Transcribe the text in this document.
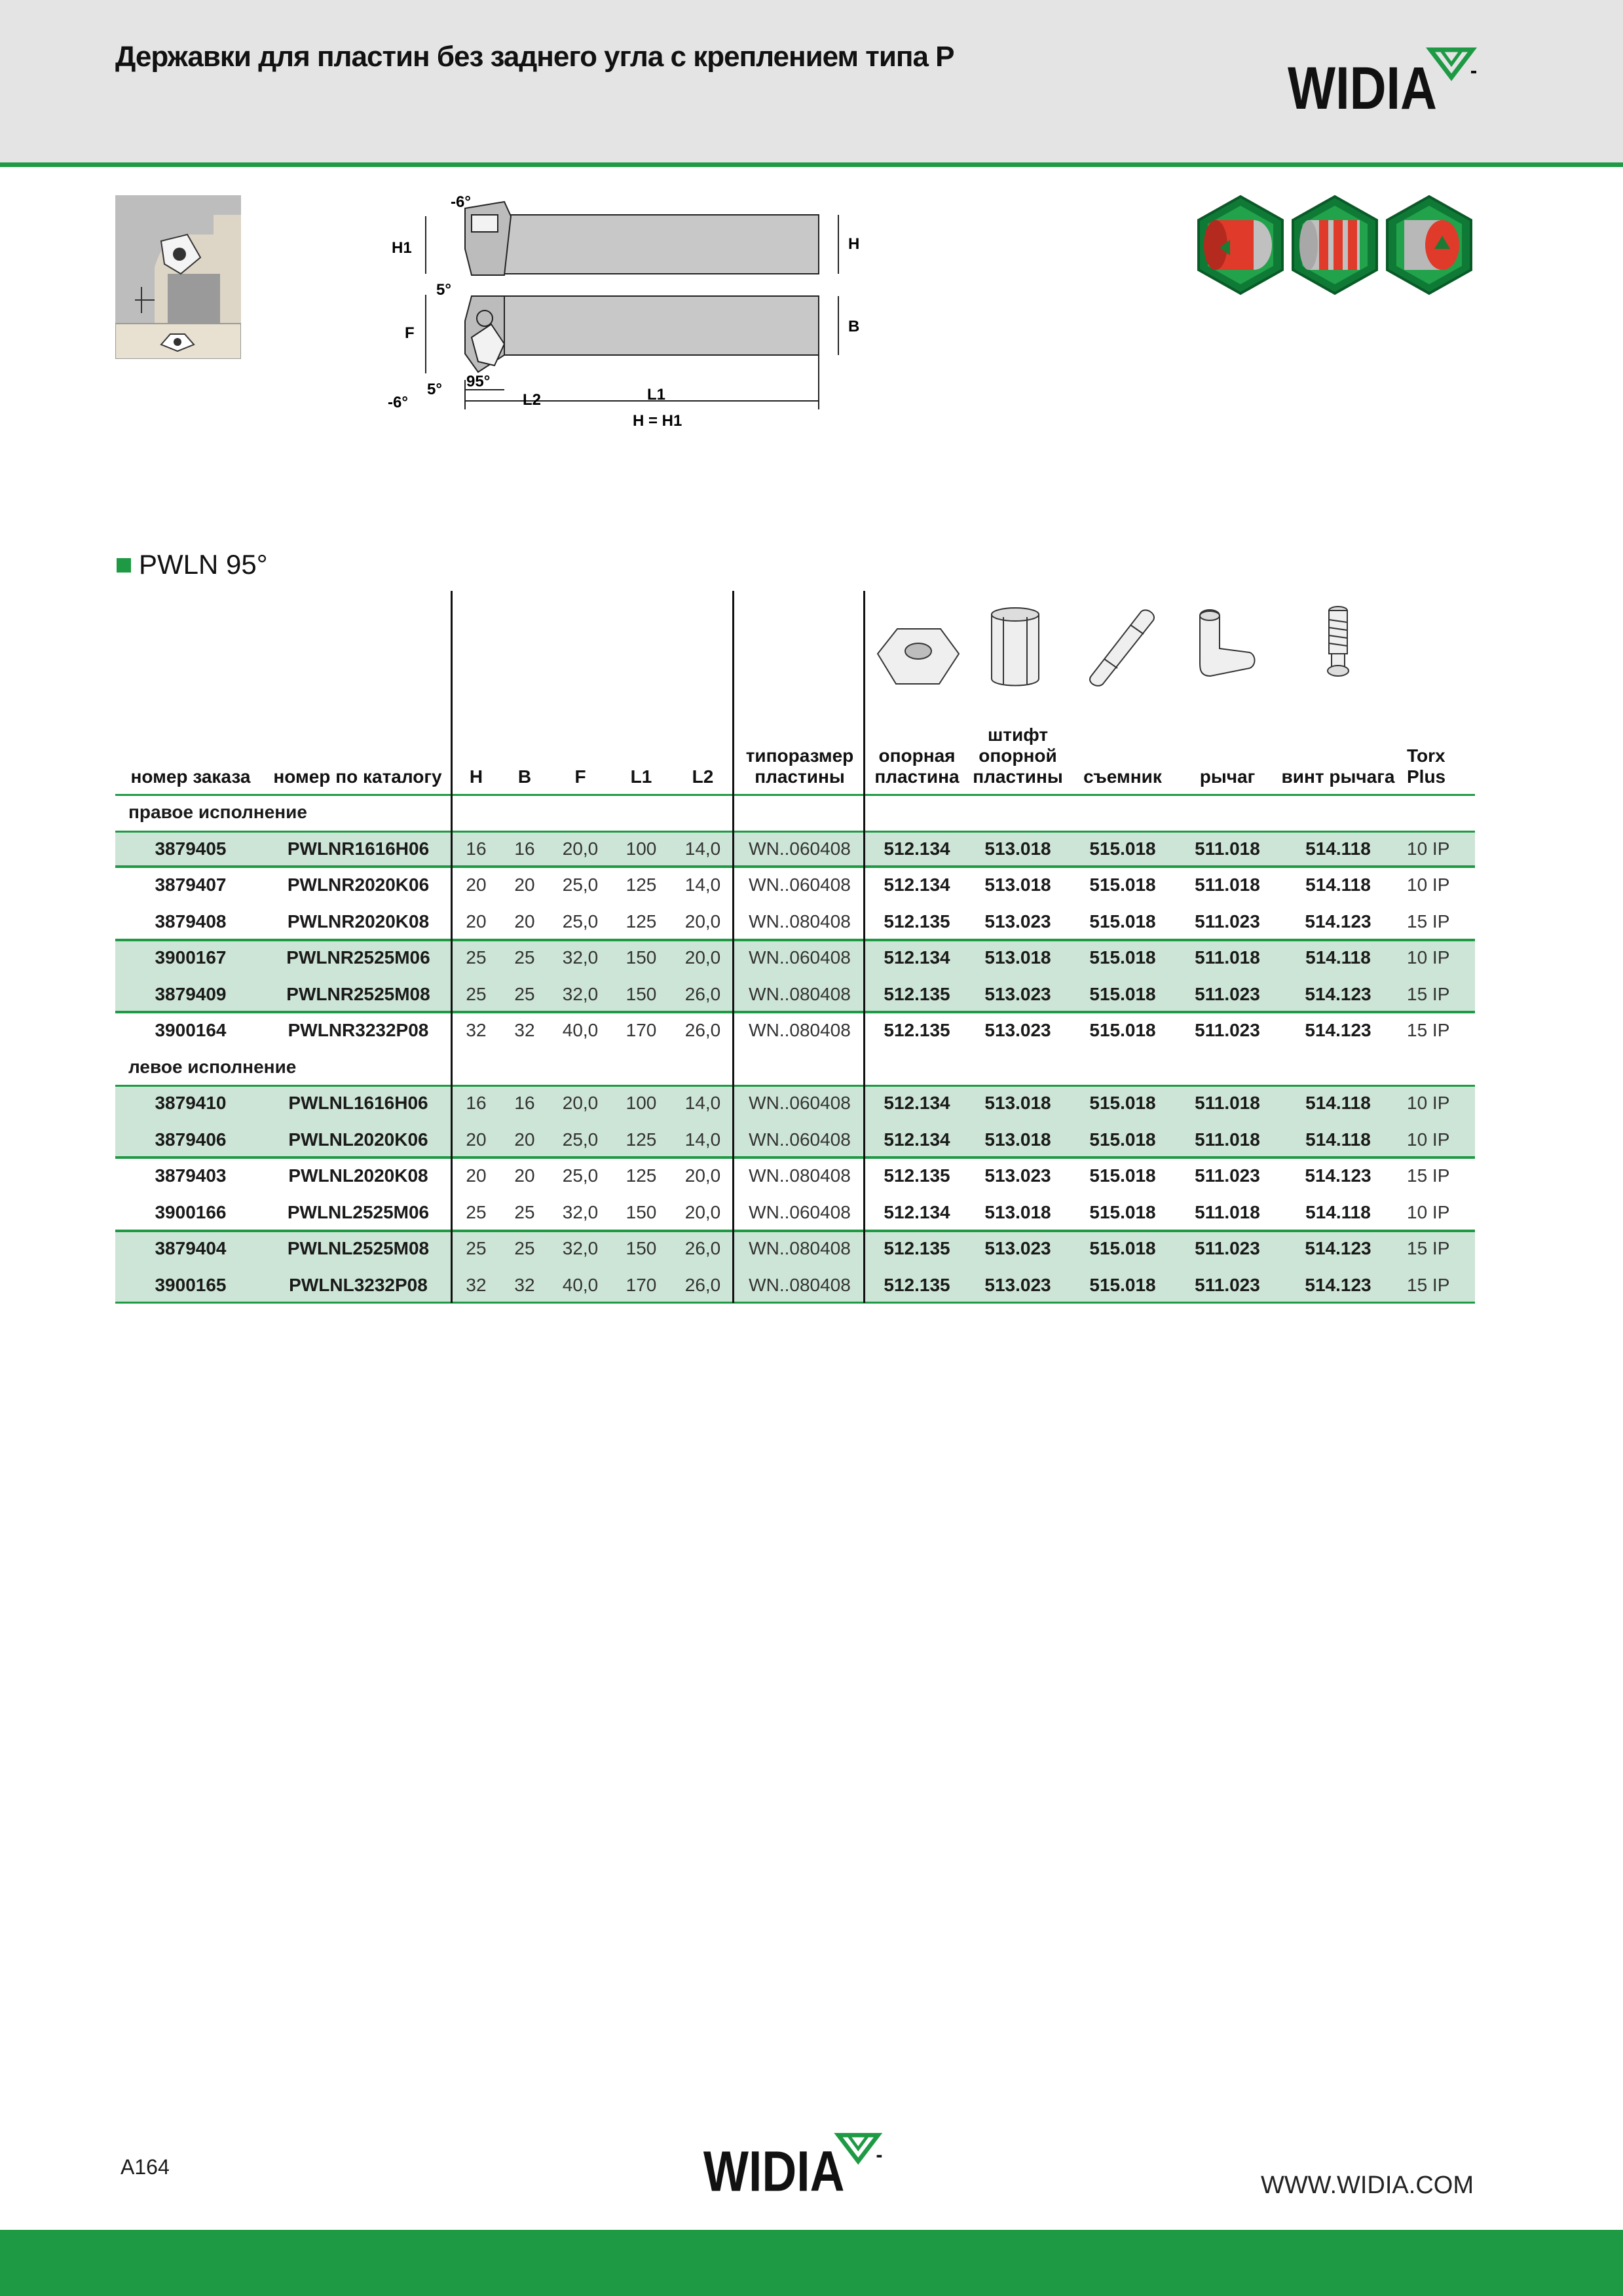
Державки для пластин без заднего угла с креплением типа P	WIDIA
H1	H
-6°
F	B
5°
-6°
5° 95°
L2	L1
H = H1
PWLN 95°
номер заказа	номер по каталогу	H	B	F	L1	L2
типоразмер
пластины
опорная
пластина
штифт
опорной
пластины	съемник	рычаг	винт рычага
Torx
Plus
правое исполнение
3879405	PWLNR1616H06	16	16	20,0	100	14,0	WN..060408	512.134	513.018	515.018	511.018	514.118	10 IP
3879407	PWLNR2020K06	20	20	25,0	125	14,0	WN..060408	512.134	513.018	515.018	511.018	514.118	10 IP
3879408	PWLNR2020K08	20	20	25,0	125	20,0	WN..080408	512.135	513.023	515.018	511.023	514.123	15 IP
3900167	PWLNR2525M06	25	25	32,0	150	20,0	WN..060408	512.134	513.018	515.018	511.018	514.118	10 IP
3879409	PWLNR2525M08	25	25	32,0	150	26,0	WN..080408	512.135	513.023	515.018	511.023	514.123	15 IP
3900164	PWLNR3232P08	32	32	40,0	170	26,0	WN..080408	512.135	513.023	515.018	511.023	514.123	15 IP
левое исполнение
3879410	PWLNL1616H06	16	16	20,0	100	14,0	WN..060408	512.134	513.018	515.018	511.018	514.118	10 IP
3879406	PWLNL2020K06	20	20	25,0	125	14,0	WN..060408	512.134	513.018	515.018	511.018	514.118	10 IP
3879403	PWLNL2020K08	20	20	25,0	125	20,0	WN..080408	512.135	513.023	515.018	511.023	514.123	15 IP
3900166	PWLNL2525M06	25	25	32,0	150	20,0	WN..060408	512.134	513.018	515.018	511.018	514.118	10 IP
3879404	PWLNL2525M08	25	25	32,0	150	26,0	WN..080408	512.135	513.023	515.018	511.023	514.123	15 IP
3900165	PWLNL3232P08	32	32	40,0	170	26,0	WN..080408	512.135	513.023	515.018	511.023	514.123	15 IP
A164	WIDIA	WWW.WIDIA.COM
